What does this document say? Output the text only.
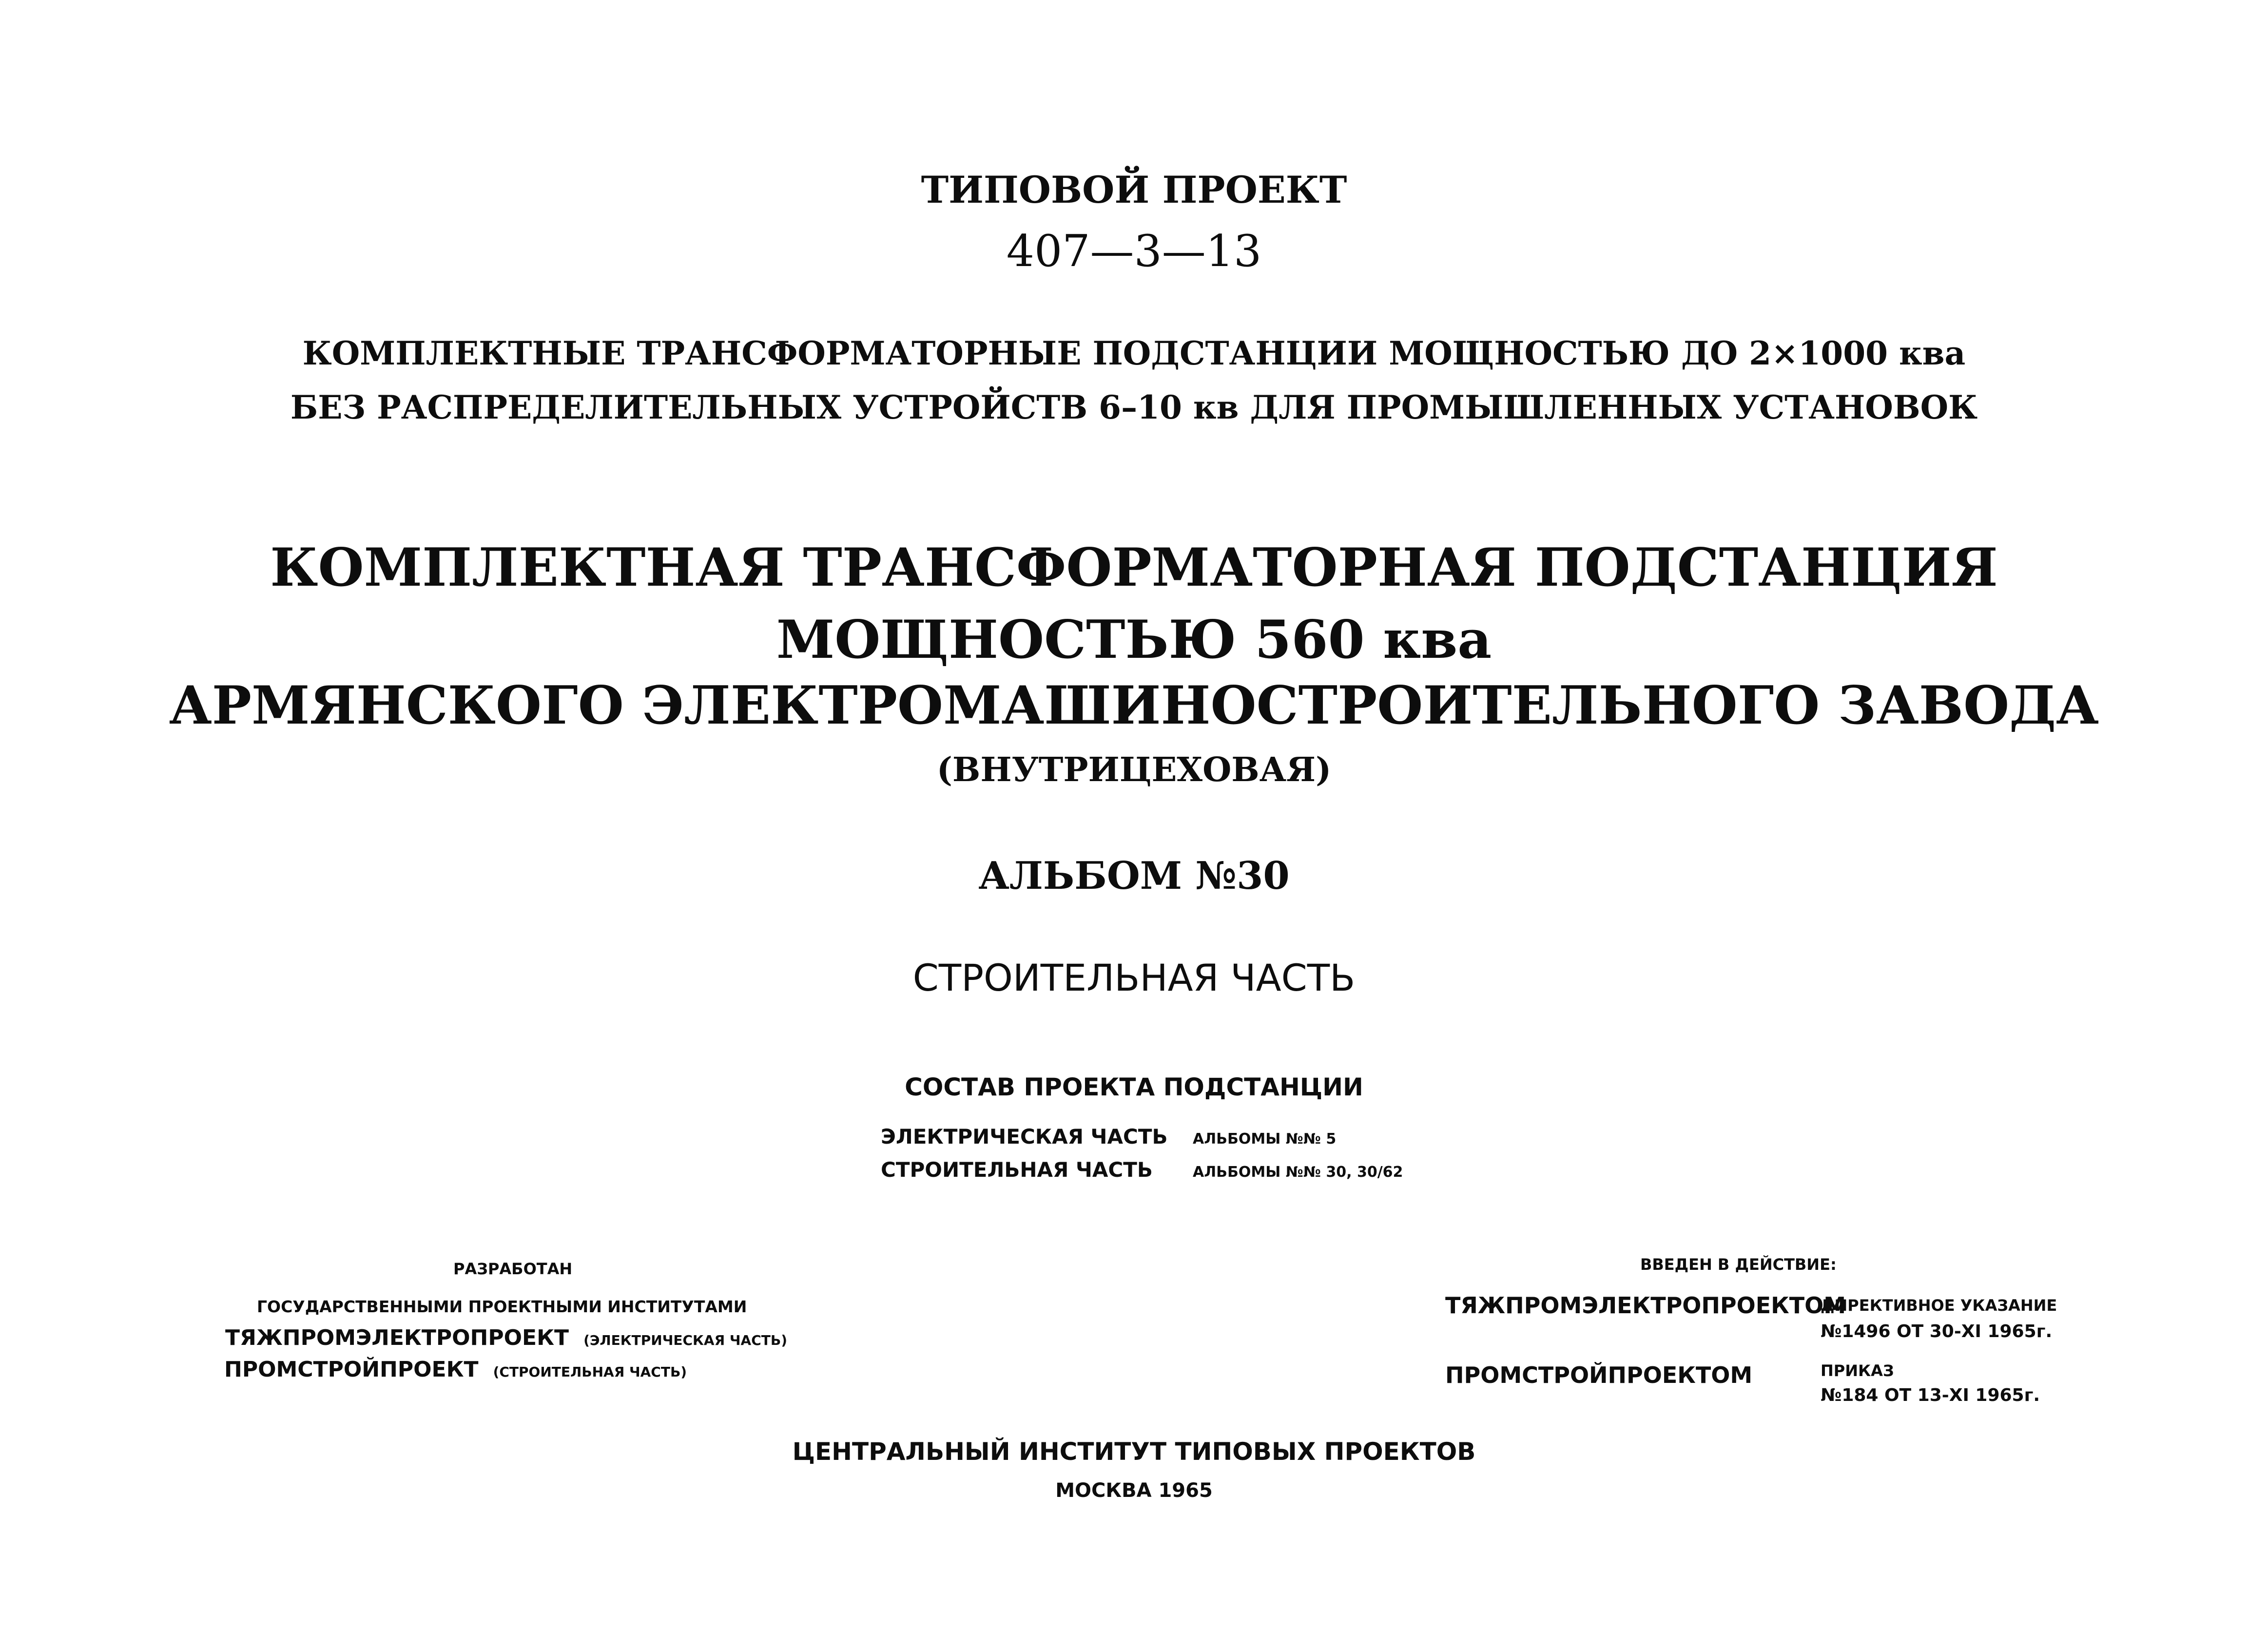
ТИПОВОЙ ПРОЕКТ
407—3—13
КОМПЛЕКТНЫЕ ТРАНСФОРМАТОРНЫЕ ПОДСТАНЦИИ МОЩНОСТЬЮ ДО 2×1000 ква
БЕЗ РАСПРЕДЕЛИТЕЛЬНЫХ УСТРОЙСТВ 6–10 кв ДЛЯ ПРОМЫШЛЕННЫХ УСТАНОВОК
КОМПЛЕКТНАЯ ТРАНСФОРМАТОРНАЯ ПОДСТАНЦИЯ
МОЩНОСТЬЮ 560 ква
АРМЯНСКОГО ЭЛЕКТРОМАШИНОСТРОИТЕЛЬНОГО ЗАВОДА
(ВНУТРИЦЕХОВАЯ)
АЛЬБОМ №30
СТРОИТЕЛЬНАЯ ЧАСТЬ
СОСТАВ ПРОЕКТА ПОДСТАНЦИИ
ЭЛЕКТРИЧЕСКАЯ ЧАСТЬ АЛЬБОМЫ №№ 5
СТРОИТЕЛЬНАЯ ЧАСТЬ	АЛЬБОМЫ №№ 30, 30/62
РАЗРАБОТАН
ГОСУДАРСТВЕННЫМИ ПРОЕКТНЫМИ ИНСТИТУТАМИ
ТЯЖПРОМЭЛЕКТРОПРОЕКТ (ЭЛЕКТРИЧЕСКАЯ ЧАСТЬ)
ПРОМСТРОЙПРОЕКТ (СТРОИТЕЛЬНАЯ ЧАСТЬ)
ВВЕДЕН В ДЕЙСТВИЕ:
ТЯЖПРОМЭЛЕКТРОПРОЕКТОМ
ДИРЕКТИВНОЕ УКАЗАНИЕ
№1496 ОТ 30-XI 1965г.
ПРОМСТРОЙПРОЕКТОМ	ПРИКАЗ
№184 ОТ 13-XI 1965г.
ЦЕНТРАЛЬНЫЙ ИНСТИТУТ ТИПОВЫХ ПРОЕКТОВ
МОСКВА 1965
